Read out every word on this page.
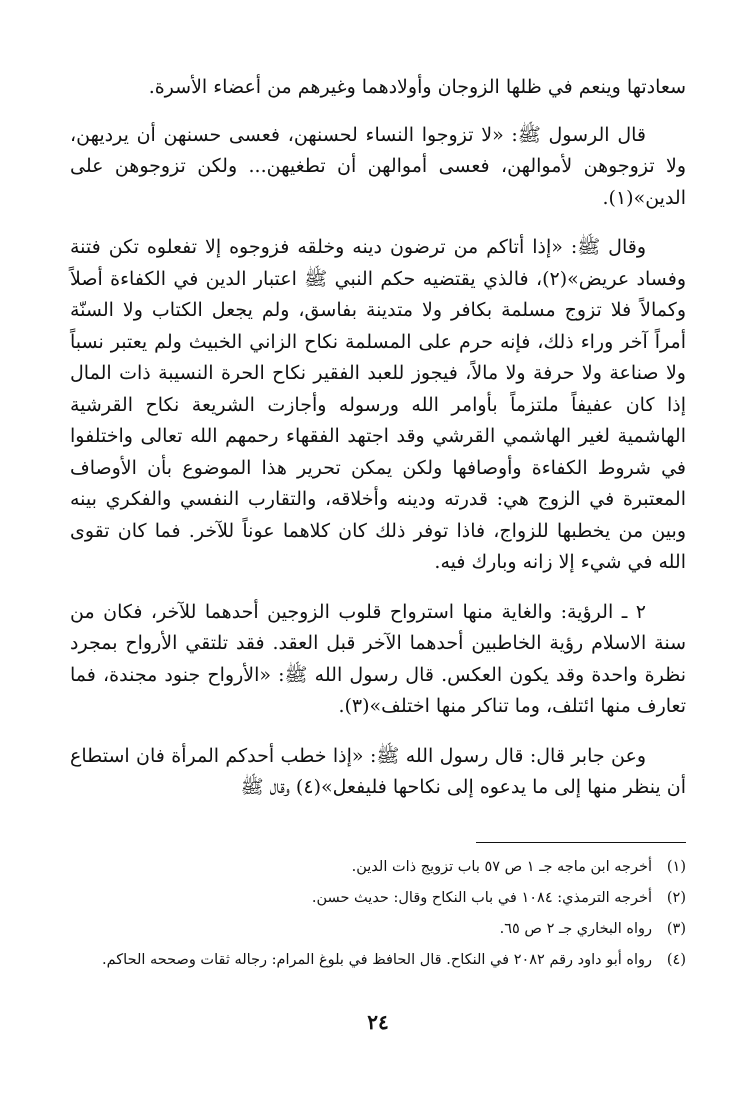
سعادتها وينعم في ظلها الزوجان وأولادهما وغيرهم من أعضاء الأسرة.

قال الرسول ﷺ: «لا تزوجوا النساء لحسنهن، فعسى حسنهن أن يرديهن، ولا تزوجوهن لأموالهن، فعسى أموالهن أن تطغيهن... ولكن تزوجوهن على الدين»(١).

وقال ﷺ: «إذا أتاكم من ترضون دينه وخلقه فزوجوه إلا تفعلوه تكن فتنة وفساد عريض»(٢)، فالذي يقتضيه حكم النبي ﷺ اعتبار الدين في الكفاءة أصلاً وكمالاً فلا تزوج مسلمة بكافر ولا متدينة بفاسق، ولم يجعل الكتاب ولا السنّة أمراً آخر وراء ذلك، فإنه حرم على المسلمة نكاح الزاني الخبيث ولم يعتبر نسباً ولا صناعة ولا حرفة ولا مالاً، فيجوز للعبد الفقير نكاح الحرة النسيبة ذات المال إذا كان عفيفاً ملتزماً بأوامر الله ورسوله وأجازت الشريعة نكاح القرشية الهاشمية لغير الهاشمي القرشي وقد اجتهد الفقهاء رحمهم الله تعالى واختلفوا في شروط الكفاءة وأوصافها ولكن يمكن تحرير هذا الموضوع بأن الأوصاف المعتبرة في الزوج هي: قدرته ودينه وأخلاقه، والتقارب النفسي والفكري بينه وبين من يخطبها للزواج، فاذا توفر ذلك كان كلاهما عوناً للآخر. فما كان تقوى الله في شيء إلا زانه وبارك فيه.

٢ ـ الرؤية: والغاية منها استرواح قلوب الزوجين أحدهما للآخر، فكان من سنة الاسلام رؤية الخاطبين أحدهما الآخر قبل العقد. فقد تلتقي الأرواح بمجرد نظرة واحدة وقد يكون العكس. قال رسول الله ﷺ: «الأرواح جنود مجندة، فما تعارف منها ائتلف، وما تناكر منها اختلف»(٣).

وعن جابر قال: قال رسول الله ﷺ: «إذا خطب أحدكم المرأة فان استطاع أن ينظر منها إلى ما يدعوه إلى نكاحها فليفعل»(٤) وقال ﷺ

(١)
أخرجه ابن ماجه جـ ١ ص ٥٧ باب تزويج ذات الدين.
(٢)
أخرجه الترمذي: ١٠٨٤ في باب النكاح وقال: حديث حسن.
(٣)
رواه البخاري جـ ٢ ص ٦٥.
(٤)
رواه أبو داود رقم ٢٠٨٢ في النكاح. قال الحافظ في بلوغ المرام: رجاله ثقات وصححه الحاكم.
٢٤
